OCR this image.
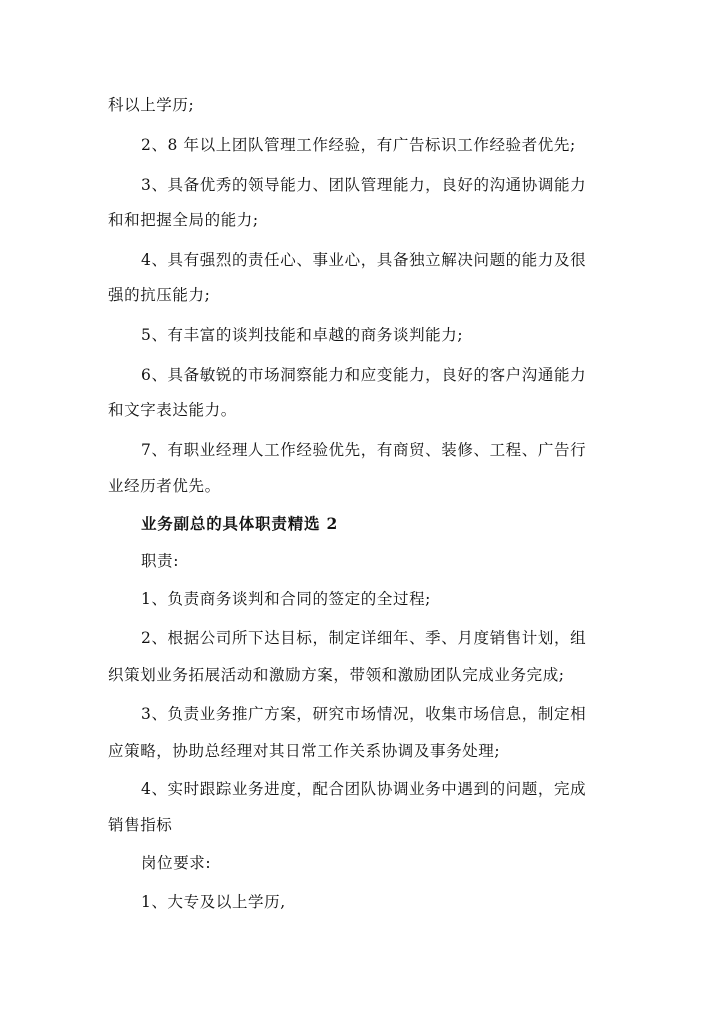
科以上学历;
2、8 年以上团队管理工作经验，有广告标识工作经验者优先;
3、具备优秀的领导能力、团队管理能力，良好的沟通协调能力
和和把握全局的能力;
4、具有强烈的责任心、事业心，具备独立解决问题的能力及很
强的抗压能力;
5、有丰富的谈判技能和卓越的商务谈判能力;
6、具备敏锐的市场洞察能力和应变能力，良好的客户沟通能力
和文字表达能力。
7、有职业经理人工作经验优先，有商贸、装修、工程、广告行
业经历者优先。
业务副总的具体职责精选 2
职责:
1、负责商务谈判和合同的签定的全过程;
2、根据公司所下达目标，制定详细年、季、月度销售计划，组
织策划业务拓展活动和激励方案，带领和激励团队完成业务完成;
3、负责业务推广方案，研究市场情况，收集市场信息，制定相
应策略，协助总经理对其日常工作关系协调及事务处理;
4、实时跟踪业务进度，配合团队协调业务中遇到的问题，完成
销售指标
岗位要求:
1、大专及以上学历,
